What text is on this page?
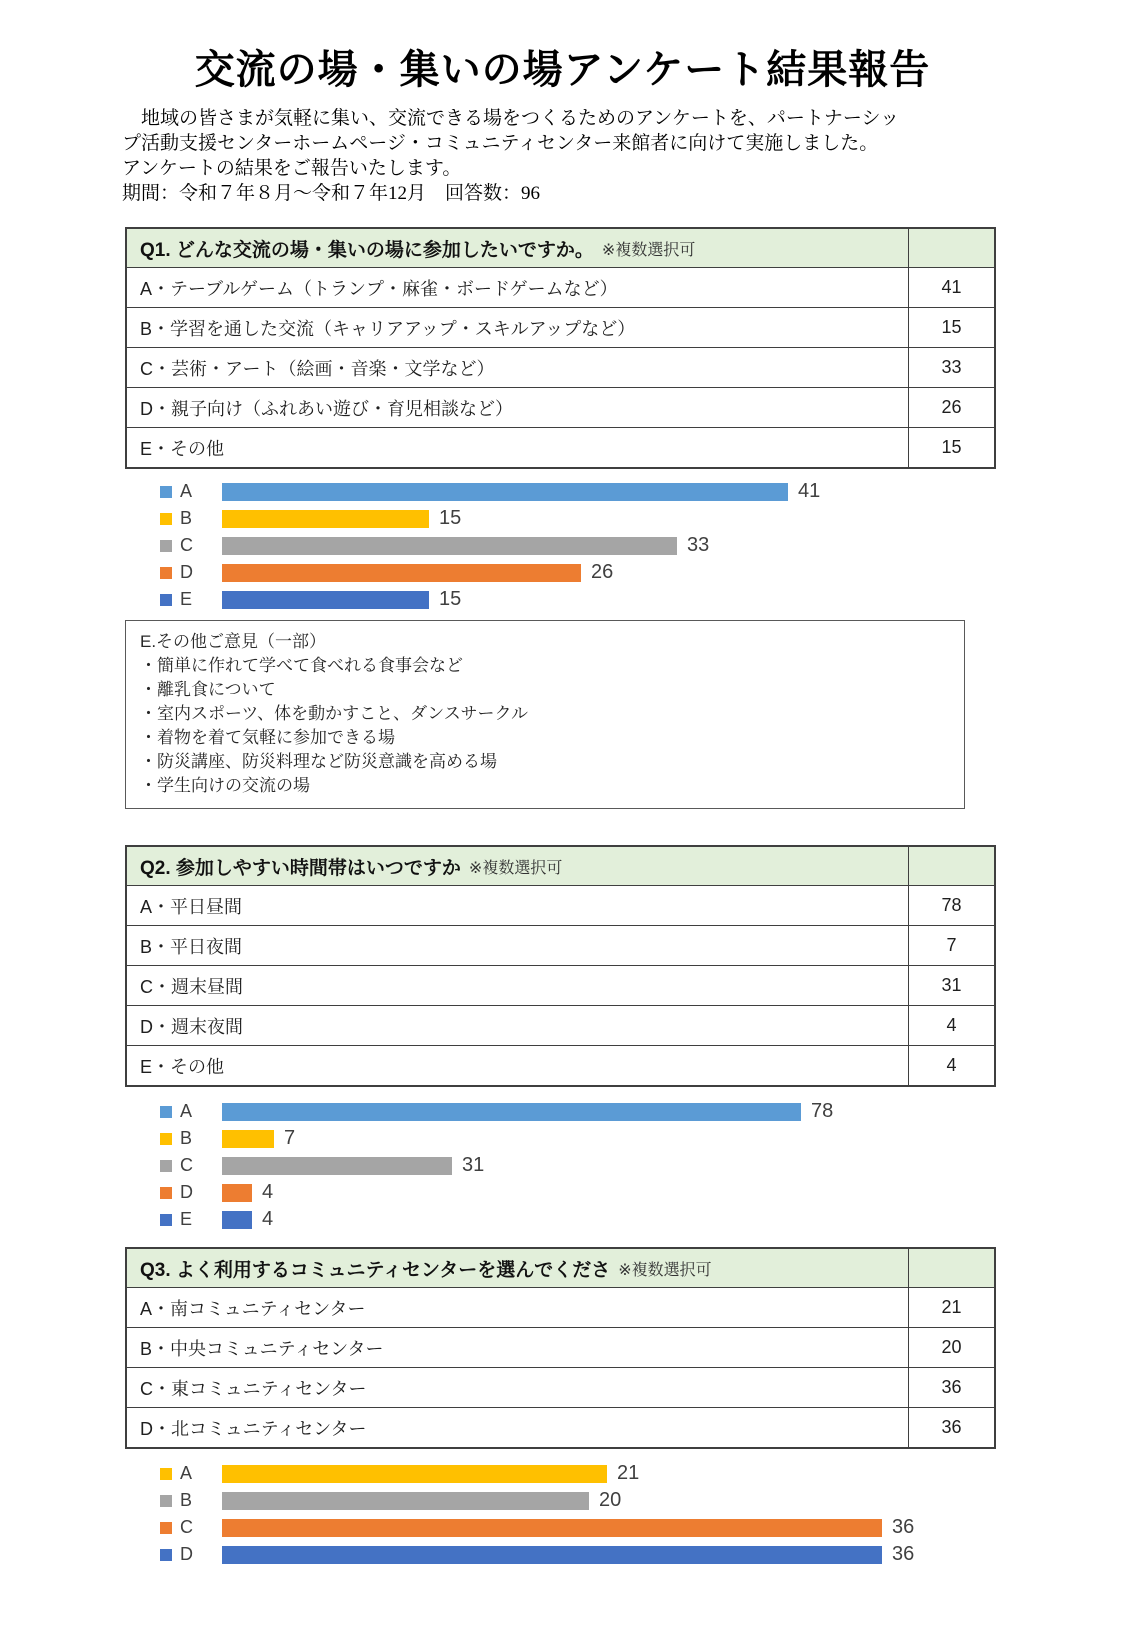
交流の場・集いの場アンケート結果報告
　地域の皆さまが気軽に集い、交流できる場をつくるためのアンケートを、パートナーシッ
プ活動支援センターホームページ・コミュニティセンター来館者に向けて実施しました。
アンケートの結果をご報告いたします。
期間：令和７年８月～令和７年12月　回答数：96
Q1. どんな交流の場・集いの場に参加したいですか。 ※複数選択可
A・テーブルゲーム（トランプ・麻雀・ボードゲームなど）	41
B・学習を通した交流（キャリアアップ・スキルアップなど）	15
C・芸術・アート（絵画・音楽・文学など）	33
D・親子向け（ふれあい遊び・育児相談など）	26
E・その他	15
A	41
B	15
C	33
D	26
E	15
E.その他ご意見（一部）
・簡単に作れて学べて食べれる食事会など
・離乳食について
・室内スポーツ、体を動かすこと、ダンスサークル
・着物を着て気軽に参加できる場
・防災講座、防災料理など防災意識を高める場
・学生向けの交流の場
Q2. 参加しやすい時間帯はいつですか ※複数選択可
A・平日昼間	78
B・平日夜間	7
C・週末昼間	31
D・週末夜間	4
E・その他	4
A	78
B	7
C	31
D	4
E	4
Q3. よく利用するコミュニティセンターを選んでくださ ※複数選択可
A・南コミュニティセンター	21
B・中央コミュニティセンター	20
C・東コミュニティセンター	36
D・北コミュニティセンター	36
A	21
B	20
C	36
D	36
